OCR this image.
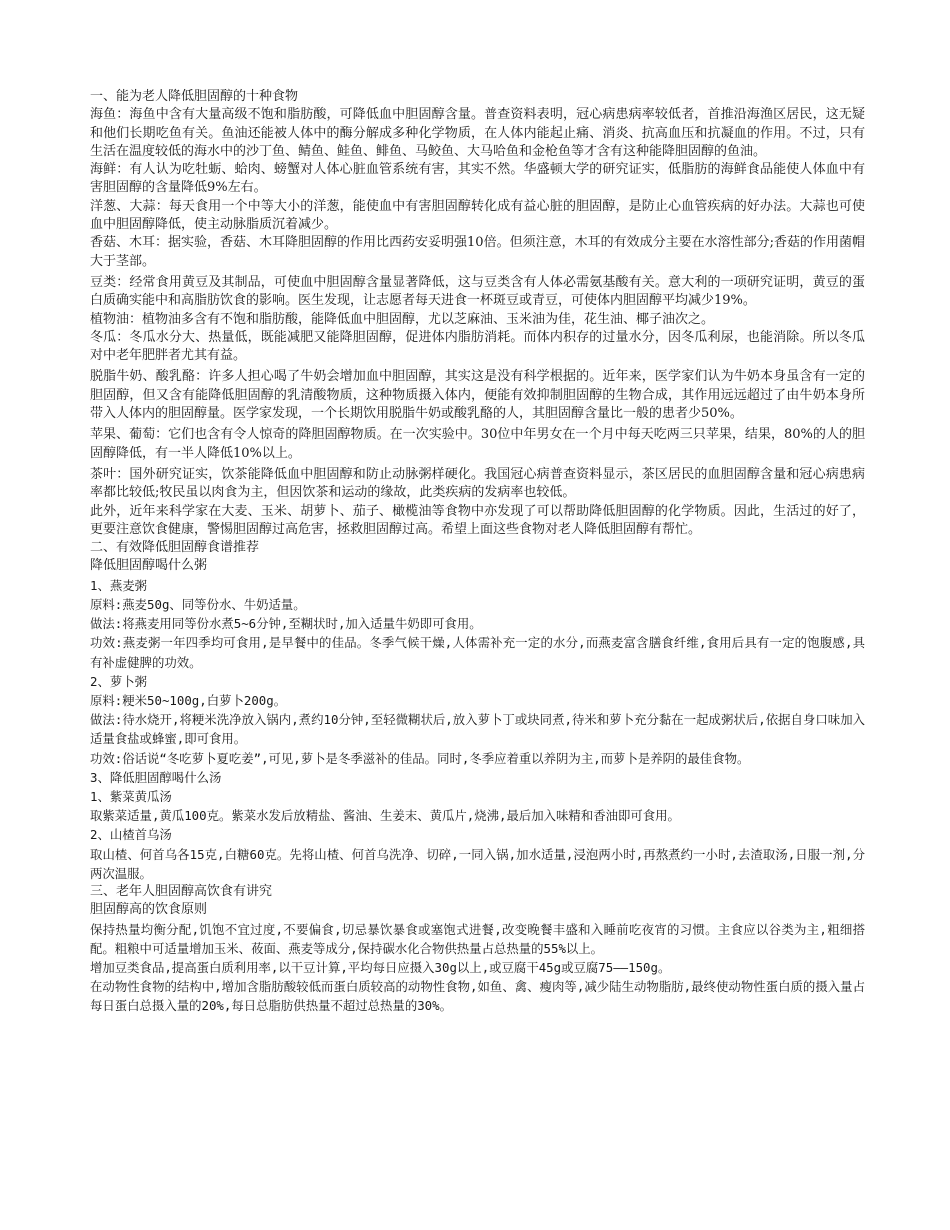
一、能为老人降低胆固醇的十种食物

海鱼：海鱼中含有大量高级不饱和脂肪酸，可降低血中胆固醇含量。普查资料表明，冠心病患病率较低者，首推沿海渔区居民，这无疑和他们长期吃鱼有关。鱼油还能被人体中的酶分解成多种化学物质，在人体内能起止痛、消炎、抗高血压和抗凝血的作用。不过，只有生活在温度较低的海水中的沙丁鱼、鲭鱼、鲑鱼、鲱鱼、马鲛鱼、大马哈鱼和金枪鱼等才含有这种能降胆固醇的鱼油。

海鲜：有人认为吃牡蛎、蛤肉、螃蟹对人体心脏血管系统有害，其实不然。华盛顿大学的研究证实，低脂肪的海鲜食品能使人体血中有害胆固醇的含量降低9%左右。

洋葱、大蒜：每天食用一个中等大小的洋葱，能使血中有害胆固醇转化成有益心脏的胆固醇，是防止心血管疾病的好办法。大蒜也可使血中胆固醇降低，使主动脉脂质沉着减少。

香菇、木耳：据实验，香菇、木耳降胆固醇的作用比西药安妥明强10倍。但须注意，木耳的有效成分主要在水溶性部分;香菇的作用菌帽大于茎部。

豆类：经常食用黄豆及其制品，可使血中胆固醇含量显著降低，这与豆类含有人体必需氨基酸有关。意大利的一项研究证明，黄豆的蛋白质确实能中和高脂肪饮食的影响。医生发现，让志愿者每天进食一杯斑豆或青豆，可使体内胆固醇平均减少19%。

植物油：植物油多含有不饱和脂肪酸，能降低血中胆固醇，尤以芝麻油、玉米油为佳，花生油、椰子油次之。

冬瓜：冬瓜水分大、热量低，既能减肥又能降胆固醇，促进体内脂肪消耗。而体内积存的过量水分，因冬瓜利尿，也能消除。所以冬瓜对中老年肥胖者尤其有益。

脱脂牛奶、酸乳酪：许多人担心喝了牛奶会增加血中胆固醇，其实这是没有科学根据的。近年来，医学家们认为牛奶本身虽含有一定的胆固醇，但又含有能降低胆固醇的乳清酸物质，这种物质摄入体内，便能有效抑制胆固醇的生物合成，其作用远远超过了由牛奶本身所带入人体内的胆固醇量。医学家发现，一个长期饮用脱脂牛奶或酸乳酪的人，其胆固醇含量比一般的患者少50%。

苹果、葡萄：它们也含有令人惊奇的降胆固醇物质。在一次实验中。30位中年男女在一个月中每天吃两三只苹果，结果，80%的人的胆固醇降低，有一半人降低10%以上。

茶叶：国外研究证实，饮茶能降低血中胆固醇和防止动脉粥样硬化。我国冠心病普查资料显示，茶区居民的血胆固醇含量和冠心病患病率都比较低;牧民虽以肉食为主，但因饮茶和运动的缘故，此类疾病的发病率也较低。

此外，近年来科学家在大麦、玉米、胡萝卜、茄子、橄榄油等食物中亦发现了可以帮助降低胆固醇的化学物质。因此，生活过的好了，更要注意饮食健康，警惕胆固醇过高危害，拯救胆固醇过高。希望上面这些食物对老人降低胆固醇有帮忙。

二、有效降低胆固醇食谱推荐

降低胆固醇喝什么粥

1、燕麦粥

原料:燕麦50g、同等份水、牛奶适量。

做法:将燕麦用同等份水煮5~6分钟,至糊状时,加入适量牛奶即可食用。

功效:燕麦粥一年四季均可食用,是早餐中的佳品。冬季气候干燥,人体需补充一定的水分,而燕麦富含膳食纤维,食用后具有一定的饱腹感,具有补虚健脾的功效。

2、萝卜粥

原料:粳米50~100g,白萝卜200g。

做法:待水烧开,将粳米洗净放入锅内,煮约10分钟,至轻微糊状后,放入萝卜丁或块同煮,待米和萝卜充分黏在一起成粥状后,依据自身口味加入适量食盐或蜂蜜,即可食用。

功效:俗话说“冬吃萝卜夏吃姜”,可见,萝卜是冬季滋补的佳品。同时,冬季应着重以养阴为主,而萝卜是养阴的最佳食物。

3、降低胆固醇喝什么汤

1、紫菜黄瓜汤

取紫菜适量,黄瓜100克。紫菜水发后放精盐、酱油、生姜末、黄瓜片,烧沸,最后加入味精和香油即可食用。

2、山楂首乌汤

取山楂、何首乌各15克,白糖60克。先将山楂、何首乌洗净、切碎,一同入锅,加水适量,浸泡两小时,再熬煮约一小时,去渣取汤,日服一剂,分两次温服。

三、老年人胆固醇高饮食有讲究

胆固醇高的饮食原则

保持热量均衡分配,饥饱不宜过度,不要偏食,切忌暴饮暴食或塞饱式进餐,改变晚餐丰盛和入睡前吃夜宵的习惯。主食应以谷类为主,粗细搭配。粗粮中可适量增加玉米、莜面、燕麦等成分,保持碳水化合物供热量占总热量的55%以上。

增加豆类食品,提高蛋白质利用率,以干豆计算,平均每日应摄入30g以上,或豆腐干45g或豆腐75——150g。

在动物性食物的结构中,增加含脂肪酸较低而蛋白质较高的动物性食物,如鱼、禽、瘦肉等,减少陆生动物脂肪,最终使动物性蛋白质的摄入量占每日蛋白总摄入量的20%,每日总脂肪供热量不超过总热量的30%。
